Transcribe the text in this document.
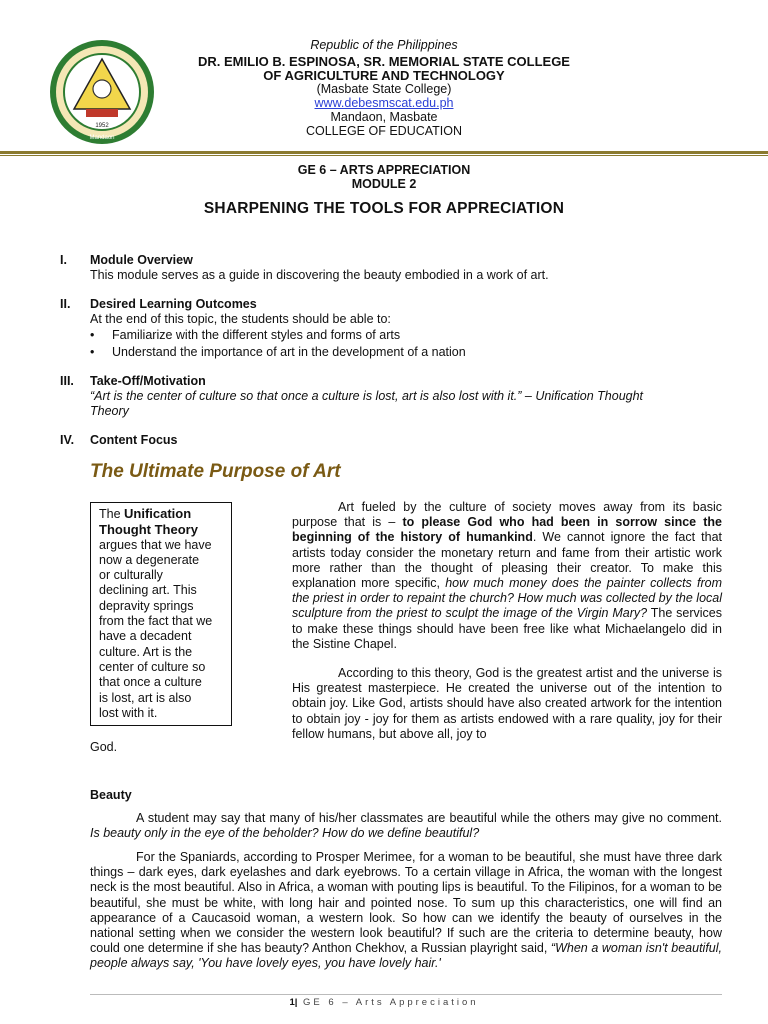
1952
Mandaon
Republic of the Philippines
DR. EMILIO B. ESPINOSA, SR. MEMORIAL STATE COLLEGE
OF AGRICULTURE AND TECHNOLOGY
(Masbate State College)
www.debesmscat.edu.ph
Mandaon, Masbate
COLLEGE OF EDUCATION
GE 6 – ARTS APPRECIATION
MODULE 2
SHARPENING THE TOOLS FOR APPRECIATION
I. Module Overview
This module serves as a guide in discovering the beauty embodied in a work of art.
II. Desired Learning Outcomes
At the end of this topic, the students should be able to:
• Familiarize with the different styles and forms of arts
• Understand the importance of art in the development of a nation
III. Take-Off/Motivation
“Art is the center of culture so that once a culture is lost, art is also lost with it.” – Unification Thought
Theory
IV. Content Focus
The Ultimate Purpose of Art
The Unification
Thought Theory
argues that we have
now a degenerate
or culturally
declining art. This
depravity springs
from the fact that we
have a decadent
culture. Art is the
center of culture so
that once a culture
is lost, art is also
lost with it.

Art fueled by the culture of society moves away from its basic purpose that is – to please God who had been in sorrow since the beginning of the history of humankind. We cannot ignore the fact that artists today consider the monetary return and fame from their artistic work more rather than the thought of pleasing their creator. To make this explanation more specific, how much money does the painter collects from the priest in order to repaint the church? How much was collected by the local sculpture from the priest to sculpt the image of the Virgin Mary? The services to make these things should have been free like what Michaelangelo did in the Sistine Chapel.

According to this theory, God is the greatest artist and the universe is His greatest masterpiece. He created the universe out of the intention to obtain joy. Like God, artists should have also created artwork for the intention to obtain joy - joy for them as artists endowed with a rare quality, joy for their fellow humans, but above all, joy to

God.
Beauty

A student may say that many of his/her classmates are beautiful while the others may give no comment. Is beauty only in the eye of the beholder? How do we define beautiful?

For the Spaniards, according to Prosper Merimee, for a woman to be beautiful, she must have three dark things – dark eyes, dark eyelashes and dark eyebrows. To a certain village in Africa, the woman with the longest neck is the most beautiful. Also in Africa, a woman with pouting lips is beautiful. To the Filipinos, for a woman to be beautiful, she must be white, with long hair and pointed nose. To sum up this characteristics, one will find an appearance of a Caucasoid woman, a western look. So how can we identify the beauty of ourselves in the national setting when we consider the western look beautiful? If such are the criteria to determine beauty, how could one determine if she has beauty? Anthon Chekhov, a Russian playright said, “When a woman isn't beautiful, people always say, 'You have lovely eyes, you have lovely hair.'

1| GE 6 – Arts Appreciation
